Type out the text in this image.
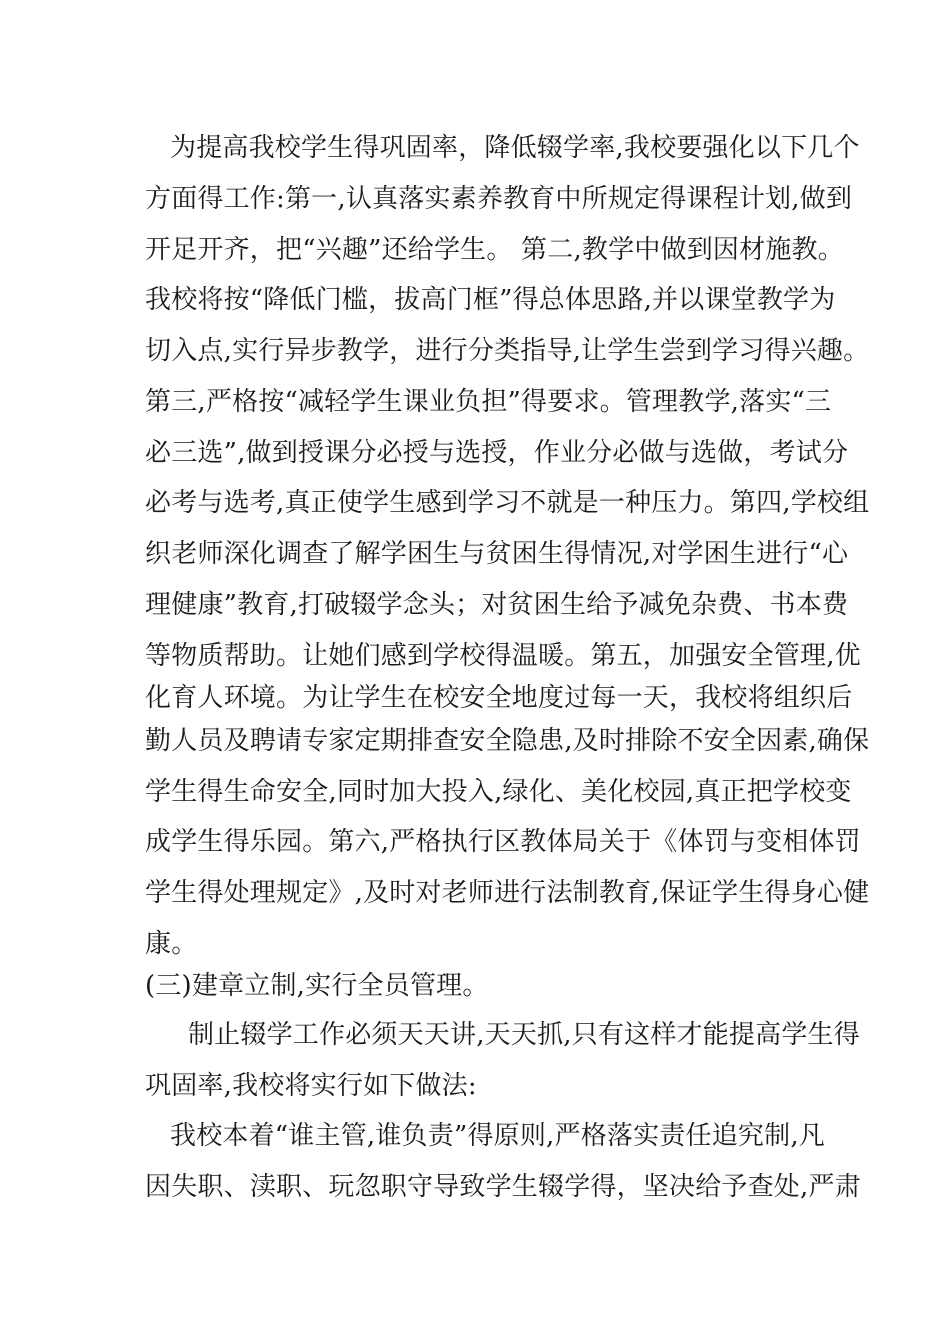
为提高我校学生得巩固率，降低辍学率,我校要强化以下几个

方面得工作:第一,认真落实素养教育中所规定得课程计划,做到

开足开齐，把“兴趣”还给学生。 第二,教学中做到因材施教。

我校将按“降低门槛，拔高门框”得总体思路,并以课堂教学为

切入点,实行异步教学，进行分类指导,让学生尝到学习得兴趣。

第三,严格按“减轻学生课业负担”得要求。管理教学,落实“三

必三选”,做到授课分必授与选授，作业分必做与选做，考试分

必考与选考,真正使学生感到学习不就是一种压力。第四,学校组

织老师深化调查了解学困生与贫困生得情况,对学困生进行“心

理健康”教育,打破辍学念头；对贫困生给予减免杂费、书本费

等物质帮助。让她们感到学校得温暖。第五，加强安全管理,优

化育人环境。为让学生在校安全地度过每一天，我校将组织后

勤人员及聘请专家定期排查安全隐患,及时排除不安全因素,确保

学生得生命安全,同时加大投入,绿化、美化校园,真正把学校变

成学生得乐园。第六,严格执行区教体局关于《体罚与变相体罚

学生得处理规定》,及时对老师进行法制教育,保证学生得身心健

康。

(三)建章立制,实行全员管理。

制止辍学工作必须天天讲,天天抓,只有这样才能提高学生得

巩固率,我校将实行如下做法:

我校本着“谁主管,谁负责”得原则,严格落实责任追究制,凡

因失职、渎职、玩忽职守导致学生辍学得，坚决给予查处,严肃
